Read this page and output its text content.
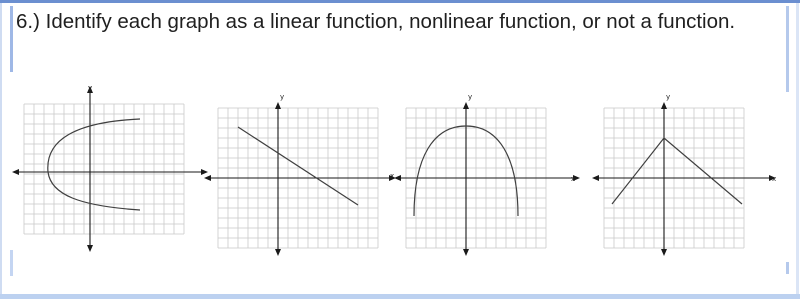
6.) Identify each graph as a linear function, nonlinear function, or not a function.

y
y
x
y
x
y
x
